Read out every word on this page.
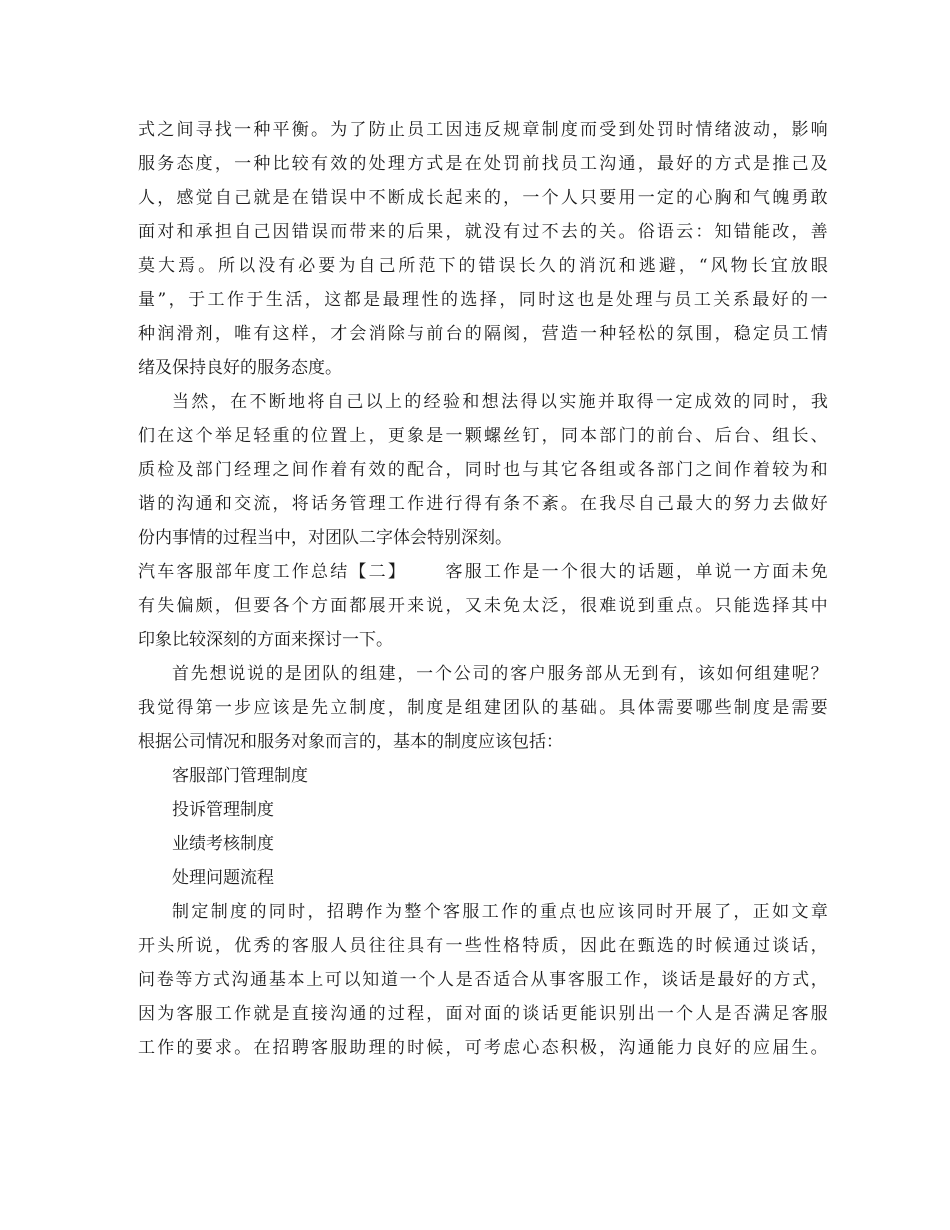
式 之 间 寻 找 一 种 平 衡 。 为 了 防 止 员 工 因 违 反 规 章 制 度 而 受 到 处 罚 时 情 绪 波 动 ， 影 响
服 务 态 度 ， 一 种 比 较 有 效 的 处 理 方 式 是 在 处 罚 前 找 员 工 沟 通 ， 最 好 的 方 式 是 推 己 及
人 ， 感 觉 自 己 就 是 在 错 误 中 不 断 成 长 起 来 的 ， 一 个 人 只 要 用 一 定 的 心 胸 和 气 魄 勇 敢
面 对 和 承 担 自 己 因 错 误 而 带 来 的 后 果 ， 就 没 有 过 不 去 的 关 。 俗 语 云 ： 知 错 能 改 ， 善
莫 大 焉 。 所 以 没 有 必 要 为 自 己 所 范 下 的 错 误 长 久 的 消 沉 和 逃 避 ， “ 风 物 长 宜 放 眼
量 ” ， 于 工 作 于 生 活 ， 这 都 是 最 理 性 的 选 择 ， 同 时 这 也 是 处 理 与 员 工 关 系 最 好 的 一
种 润 滑 剂 ， 唯 有 这 样 ， 才 会 消 除 与 前 台 的 隔 阂 ， 营 造 一 种 轻 松 的 氛 围 ， 稳 定 员 工 情
绪及保持良好的服务态度。
当 然 ， 在 不 断 地 将 自 己 以 上 的 经 验 和 想 法 得 以 实 施 并 取 得 一 定 成 效 的 同 时 ， 我
们 在 这 个 举 足 轻 重 的 位 置 上 ， 更 象 是 一 颗 螺 丝 钉 ， 同 本 部 门 的 前 台 、 后 台 、 组 长 、
质 检 及 部 门 经 理 之 间 作 着 有 效 的 配 合 ， 同 时 也 与 其 它 各 组 或 各 部 门 之 间 作 着 较 为 和
谐 的 沟 通 和 交 流 ， 将 话 务 管 理 工 作 进 行 得 有 条 不 紊 。 在 我 尽 自 己 最 大 的 努 力 去 做 好
份内事情的过程当中，对团队二字体会特别深刻。
汽 车 客 服 部 年 度 工 作 总 结 【 二 】

　 客 服 工 作 是 一 个 很 大 的 话 题 ， 单 说 一 方 面 未 免
有 失 偏 颇 ， 但 要 各 个 方 面 都 展 开 来 说 ， 又 未 免 太 泛 ， 很 难 说 到 重 点 。 只 能 选 择 其 中
印象比较深刻的方面来探讨一下。
首 先 想 说 说 的 是 团 队 的 组 建 ， 一 个 公 司 的 客 户 服 务 部 从 无 到 有 ， 该 如 何 组 建 呢 ？
我 觉 得 第 一 步 应 该 是 先 立 制 度 ， 制 度 是 组 建 团 队 的 基 础 。 具 体 需 要 哪 些 制 度 是 需 要
根据公司情况和服务对象而言的，基本的制度应该包括：
客服部门管理制度
投诉管理制度
业绩考核制度
处理问题流程
制 定 制 度 的 同 时 ， 招 聘 作 为 整 个 客 服 工 作 的 重 点 也 应 该 同 时 开 展 了 ， 正 如 文 章
开 头 所 说 ， 优 秀 的 客 服 人 员 往 往 具 有 一 些 性 格 特 质 ， 因 此 在 甄 选 的 时 候 通 过 谈 话 ，
问 卷 等 方 式 沟 通 基 本 上 可 以 知 道 一 个 人 是 否 适 合 从 事 客 服 工 作 ， 谈 话 是 最 好 的 方 式 ，
因 为 客 服 工 作 就 是 直 接 沟 通 的 过 程 ， 面 对 面 的 谈 话 更 能 识 别 出 一 个 人 是 否 满 足 客 服
工 作 的 要 求 。 在 招 聘 客 服 助 理 的 时 候 ， 可 考 虑 心 态 积 极 ， 沟 通 能 力 良 好 的 应 届 生 。
